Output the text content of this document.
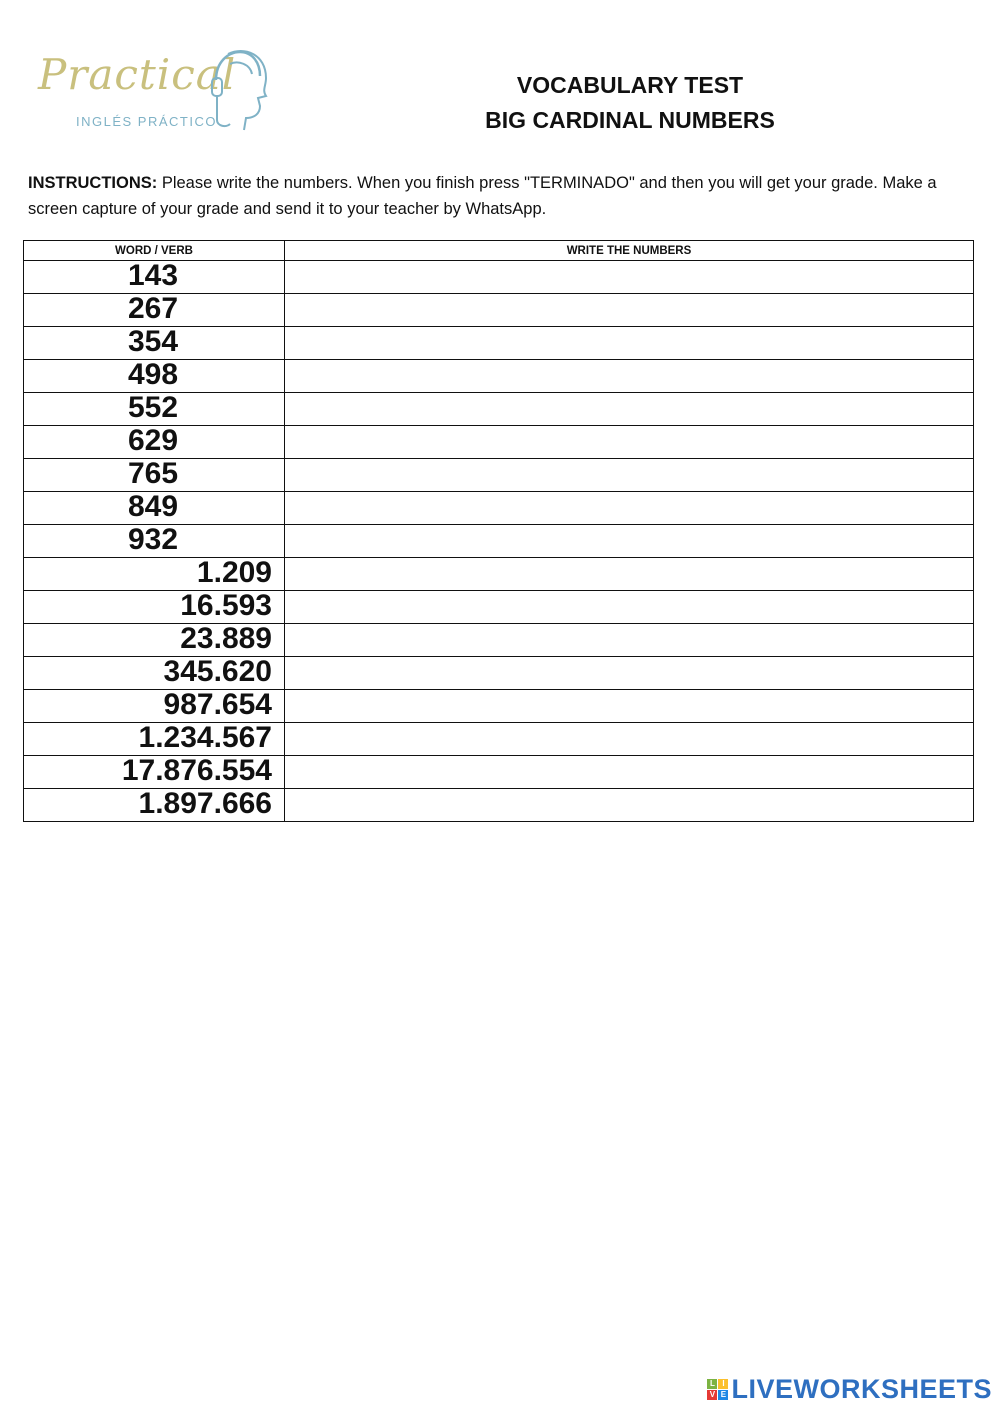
Practical
INGLÉS PRÁCTICO
VOCABULARY TEST
BIG CARDINAL NUMBERS
INSTRUCTIONS: Please write the numbers. When you finish press "TERMINADO" and then you will get your grade. Make a screen capture of your grade and send it to your teacher by WhatsApp.
WORD / VERB	WRITE THE NUMBERS
143	
267	
354	
498	
552	
629	
765	
849	
932	
1.209	
16.593	
23.889	
345.620	
987.654	
1.234.567	
17.876.554	
1.897.666	
L I
V E LIVEWORKSHEETS
